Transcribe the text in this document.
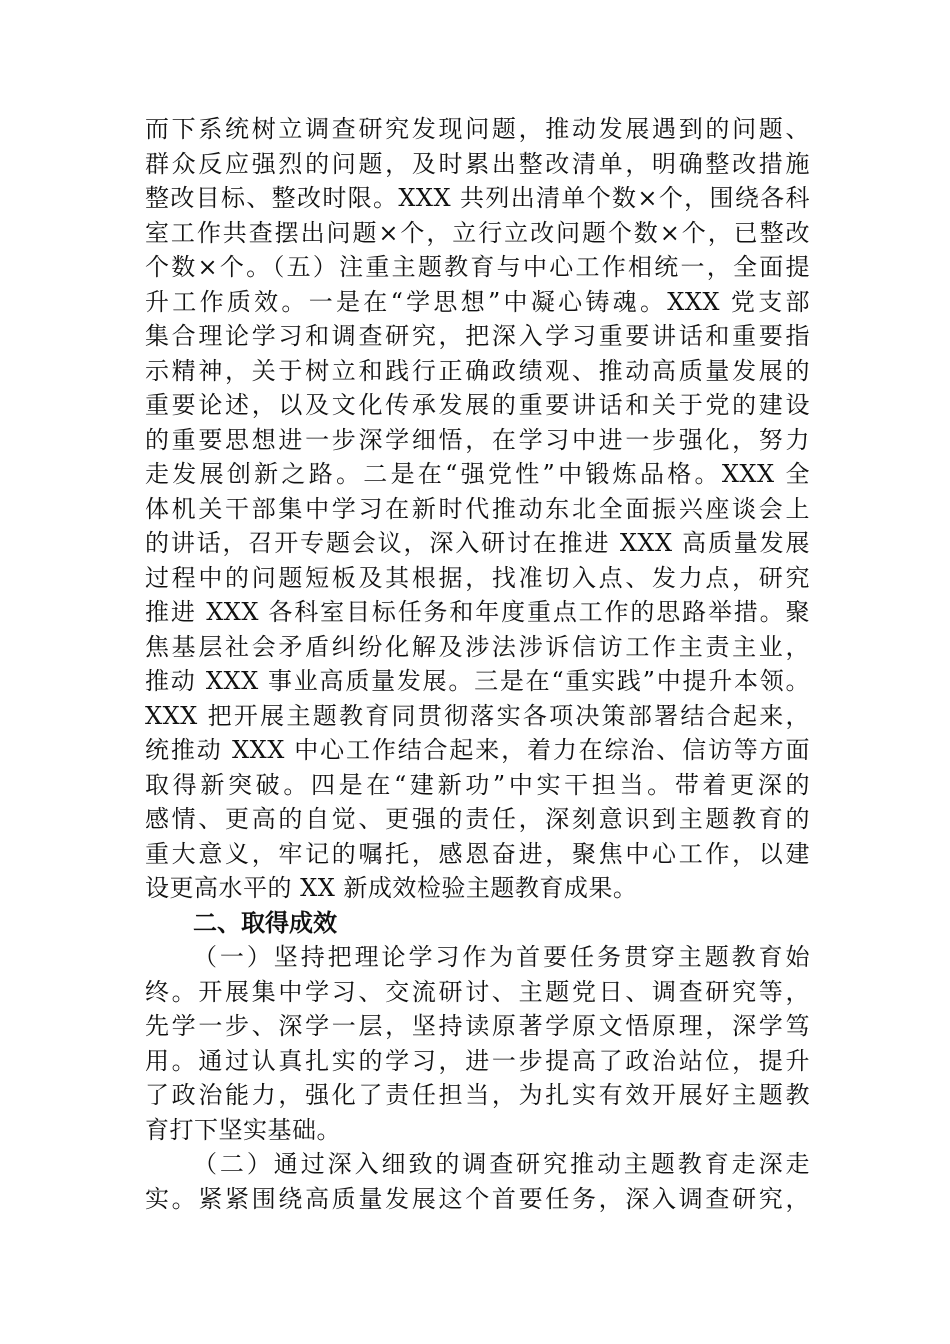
而下系统树立调查研究发现问题，推动发展遇到的问题、
群众反应强烈的问题，及时累出整改清单，明确整改措施
整改目标、整改时限。XXX 共列出清单个数×个，围绕各科
室工作共查摆出问题×个，立行立改问题个数×个，已整改
个数×个。（五）注重主题教育与中心工作相统一，全面提
升工作质效。一是在“学思想”中凝心铸魂。XXX 党支部
集合理论学习和调查研究，把深入学习重要讲话和重要指
示精神，关于树立和践行正确政绩观、推动高质量发展的
重要论述，以及文化传承发展的重要讲话和关于党的建设
的重要思想进一步深学细悟，在学习中进一步强化，努力
走发展创新之路。二是在“强党性”中锻炼品格。XXX 全
体机关干部集中学习在新时代推动东北全面振兴座谈会上
的讲话，召开专题会议，深入研讨在推进 XXX 高质量发展
过程中的问题短板及其根据，找准切入点、发力点，研究
推进 XXX 各科室目标任务和年度重点工作的思路举措。聚
焦基层社会矛盾纠纷化解及涉法涉诉信访工作主责主业，
推动 XXX 事业高质量发展。三是在“重实践”中提升本领。
XXX 把开展主题教育同贯彻落实各项决策部署结合起来，
统推动 XXX 中心工作结合起来，着力在综治、信访等方面
取得新突破。四是在“建新功”中实干担当。带着更深的
感情、更高的自觉、更强的责任，深刻意识到主题教育的
重大意义，牢记的嘱托，感恩奋进，聚焦中心工作，以建
设更高水平的 XX 新成效检验主题教育成果。
二、取得成效
（一）坚持把理论学习作为首要任务贯穿主题教育始
终。开展集中学习、交流研讨、主题党日、调查研究等，
先学一步、深学一层，坚持读原著学原文悟原理，深学笃
用。通过认真扎实的学习，进一步提高了政治站位，提升
了政治能力，强化了责任担当，为扎实有效开展好主题教
育打下坚实基础。
（二）通过深入细致的调查研究推动主题教育走深走
实。紧紧围绕高质量发展这个首要任务，深入调查研究，
